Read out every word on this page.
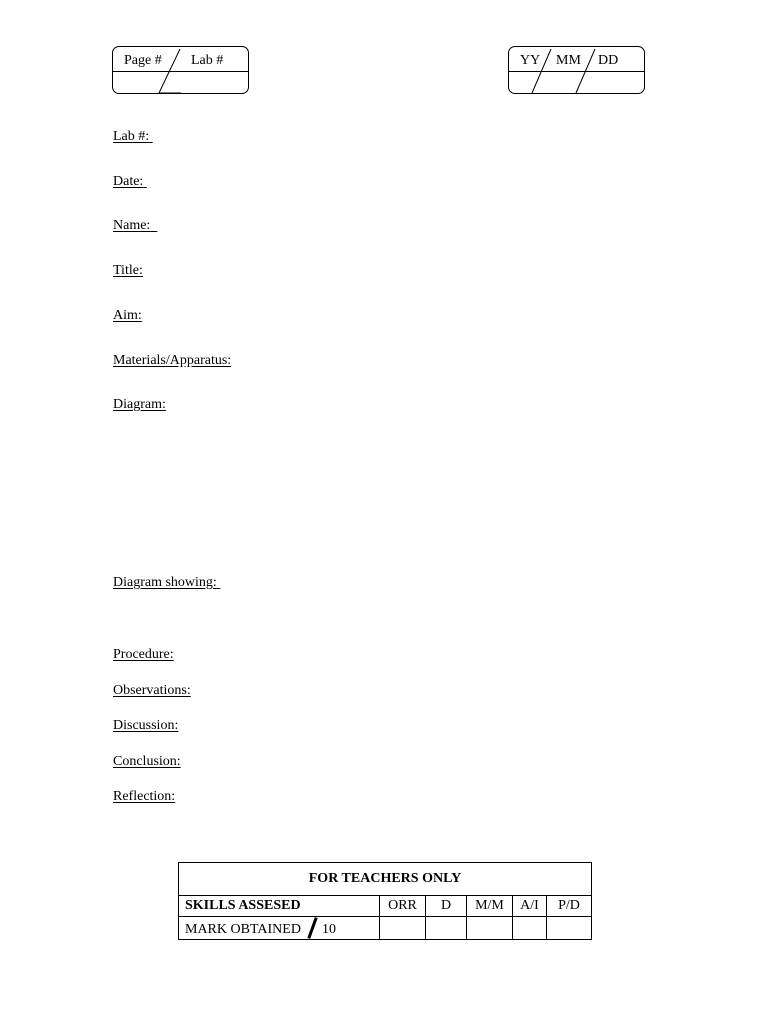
Page # Lab #	YY MM DD
Lab #:
Date:
Name:
Title:
Aim:
Materials/Apparatus:
Diagram:
Diagram showing:
Procedure:
Observations:
Discussion:
Conclusion:
Reflection:
FOR TEACHERS ONLY					
SKILLS ASSESED	ORR	D	M/M	A/I	P/D
MARK OBTAINED 10					
